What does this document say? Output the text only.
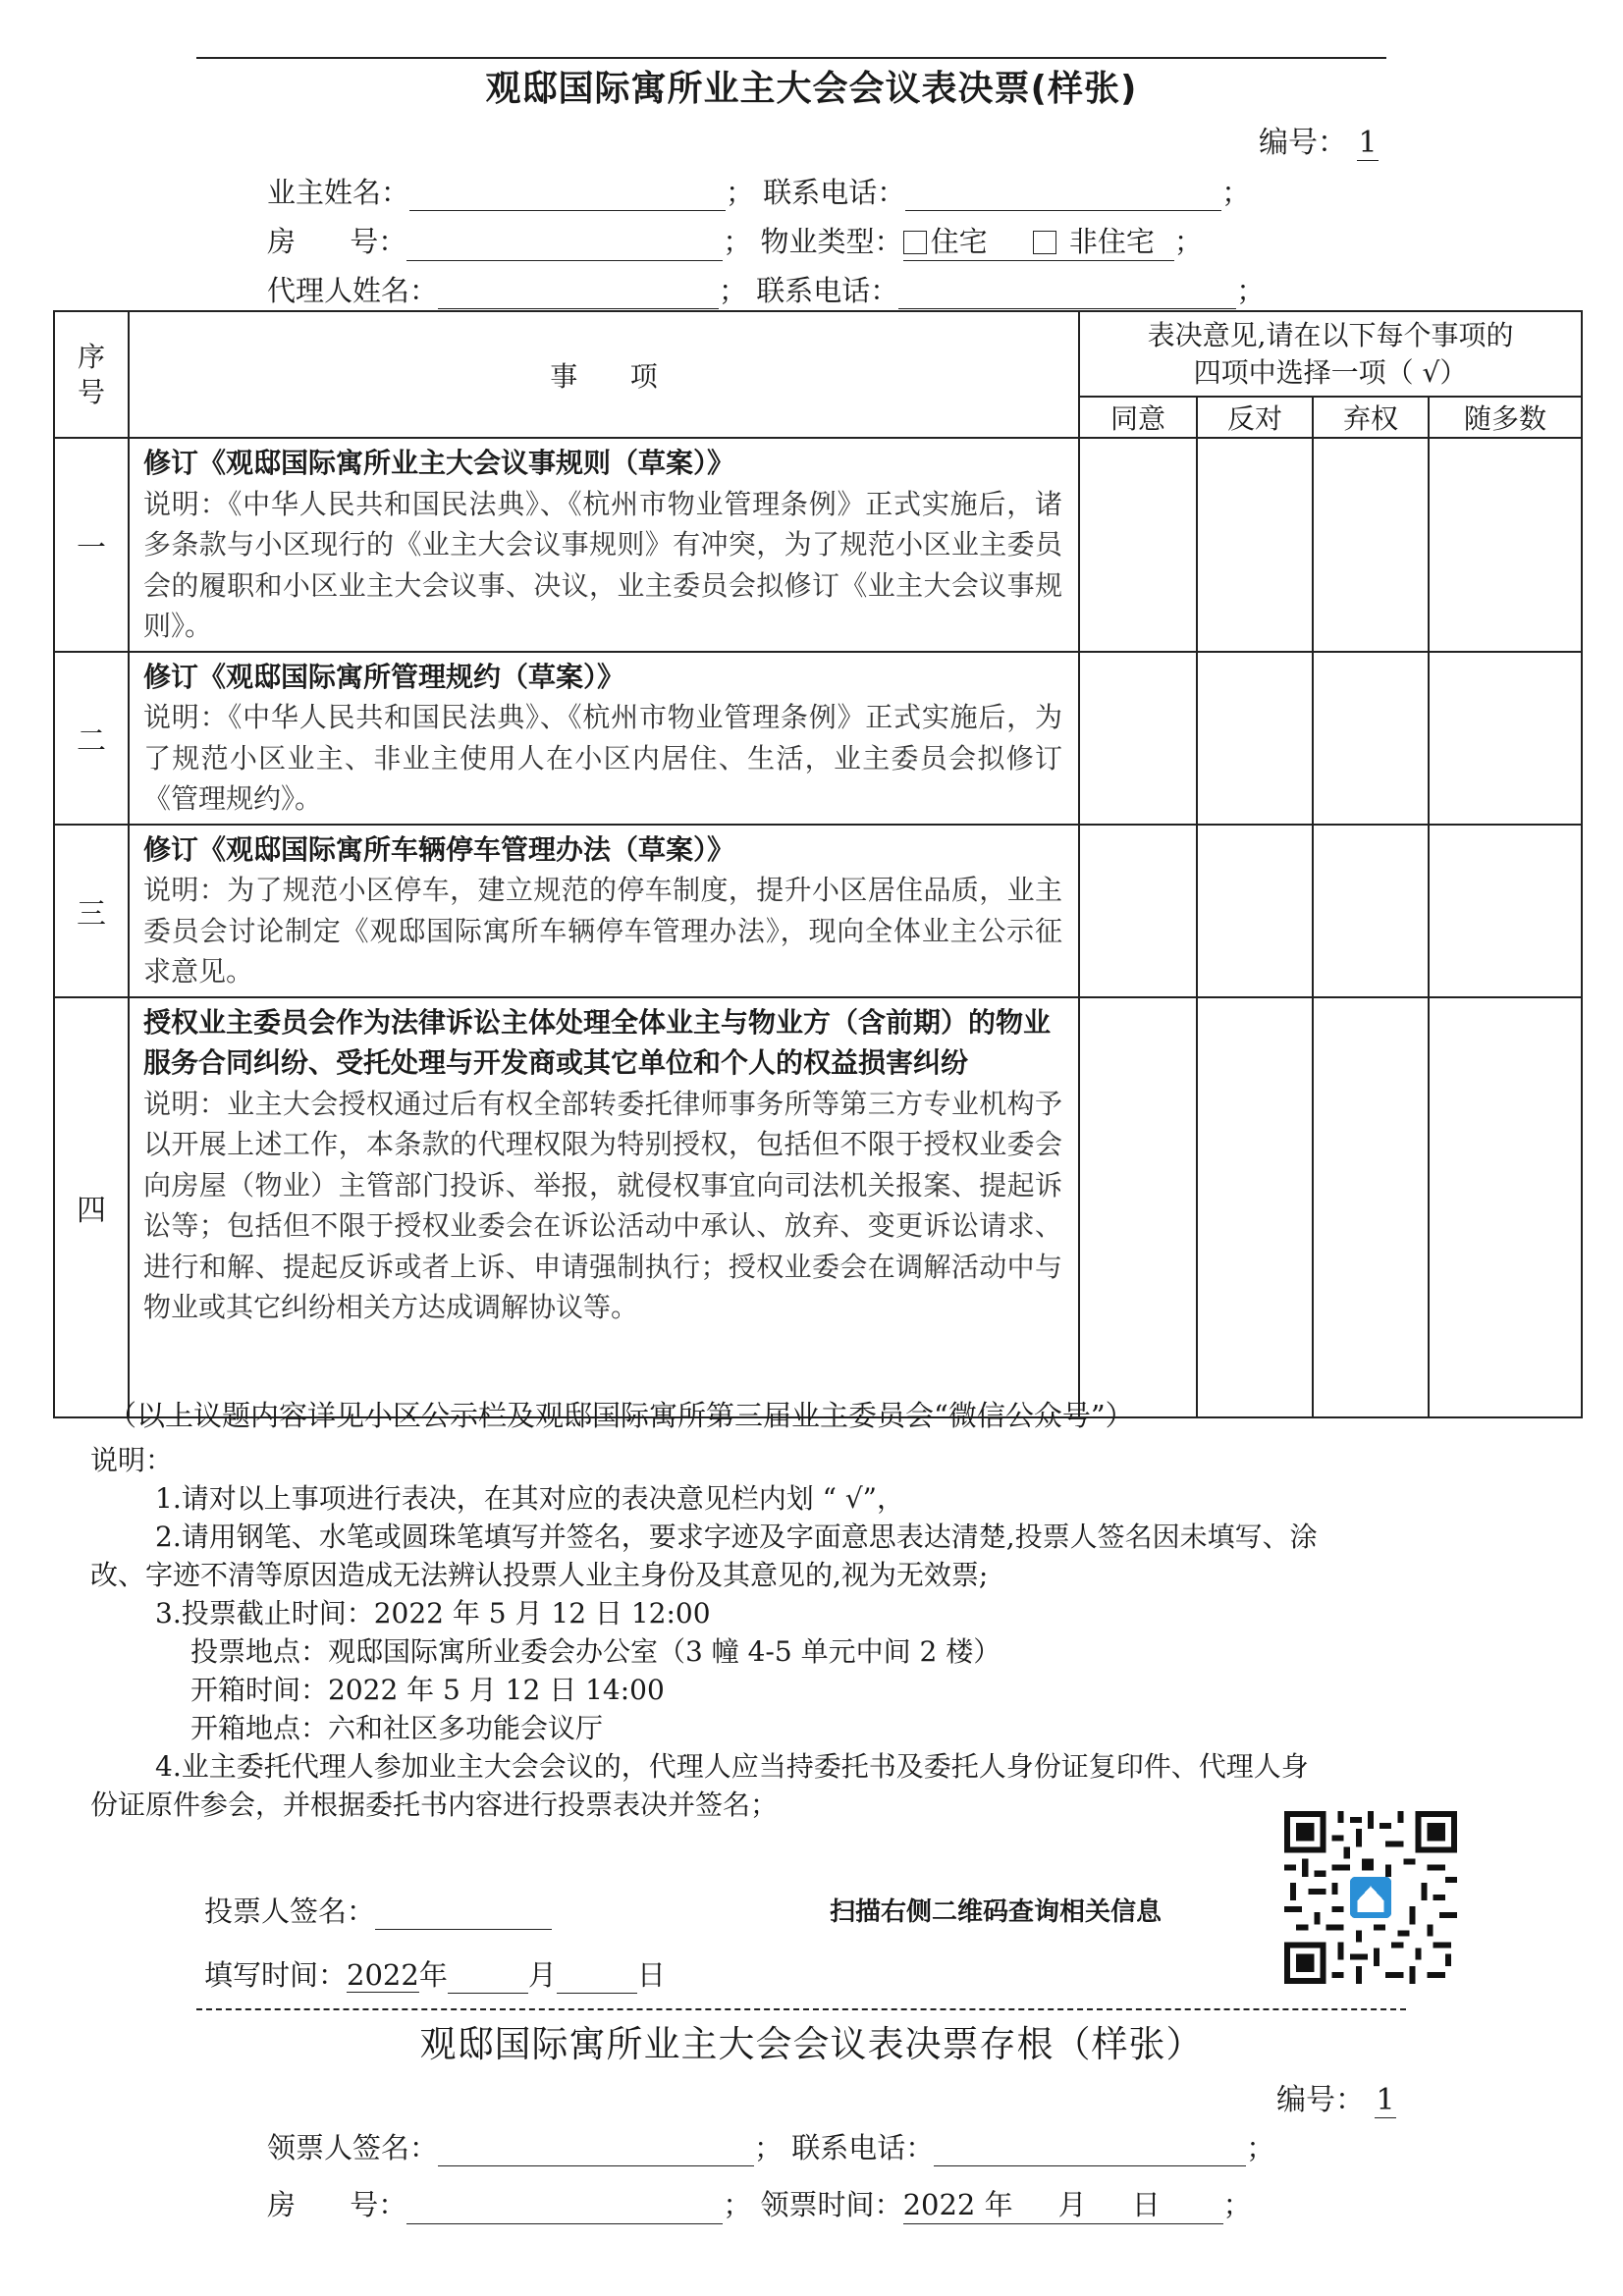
观邸国际寓所业主大会会议表决票(样张)
编号： 1
业主姓名：	； 联系电话：	；
房      号：	； 物业类型： 住宅	非住宅 ；
代理人姓名：	； 联系电话：	；
序号	事      项	表决意见,请在以下每个事项的
四项中选择一项（ √）			
		同意	反对	弃权	随多数
一	修订《观邸国际寓所业主大会议事规则（草案）》
说明：《中华人民共和国民法典》、《杭州市物业管理条例》正式实施后，诸多条款与小区现行的《业主大会议事规则》有冲突，为了规范小区业主委员会的履职和小区业主大会议事、决议，业主委员会拟修订《业主大会议事规则》。				

二	修订《观邸国际寓所管理规约（草案）》
说明：《中华人民共和国民法典》、《杭州市物业管理条例》正式实施后，为了规范小区业主、非业主使用人在小区内居住、生活，业主委员会拟修订《管理规约》。				

三	修订《观邸国际寓所车辆停车管理办法（草案）》
说明：为了规范小区停车，建立规范的停车制度，提升小区居住品质，业主委员会讨论制定《观邸国际寓所车辆停车管理办法》，现向全体业主公示征求意见。				

四	授权业主委员会作为法律诉讼主体处理全体业主与物业方（含前期）的物业服务合同纠纷、受托处理与开发商或其它单位和个人的权益损害纠纷
说明：业主大会授权通过后有权全部转委托律师事务所等第三方专业机构予以开展上述工作，本条款的代理权限为特别授权，包括但不限于授权业委会向房屋（物业）主管部门投诉、举报，就侵权事宜向司法机关报案、提起诉讼等；包括但不限于授权业委会在诉讼活动中承认、放弃、变更诉讼请求、进行和解、提起反诉或者上诉、申请强制执行；授权业委会在调解活动中与物业或其它纠纷相关方达成调解协议等。				

（以上议题内容详见小区公示栏及观邸国际寓所第三届业主委员会“微信公众号”）
说明：
1.请对以上事项进行表决，在其对应的表决意见栏内划 “ √”，
2.请用钢笔、水笔或圆珠笔填写并签名，要求字迹及字面意思表达清楚,投票人签名因未填写、涂
改、字迹不清等原因造成无法辨认投票人业主身份及其意见的,视为无效票;
3.投票截止时间：2022 年 5 月 12 日 12:00
投票地点：观邸国际寓所业委会办公室（3 幢 4-5 单元中间 2 楼）
开箱时间：2022 年 5 月 12 日 14:00
开箱地点：六和社区多功能会议厅
4.业主委托代理人参加业主大会会议的，代理人应当持委托书及委托人身份证复印件、代理人身
份证原件参会，并根据委托书内容进行投票表决并签名；
投票人签名：	扫描右侧二维码查询相关信息
填写时间：2022年	月	日
观邸国际寓所业主大会会议表决票存根（样张）
编号： 1
领票人签名：	； 联系电话：	；
房      号：	； 领票时间：2022 年     月     日 ；
